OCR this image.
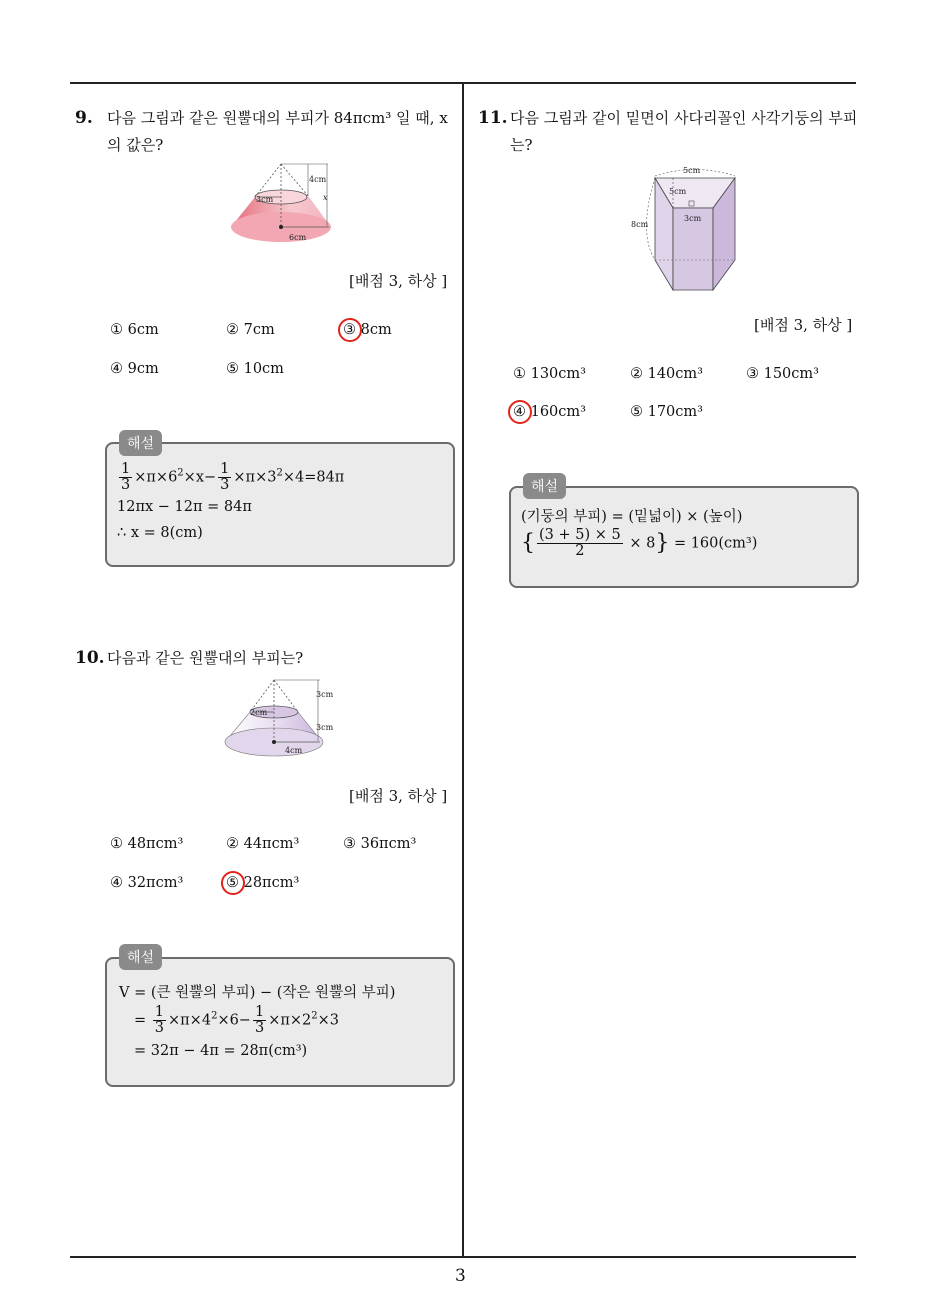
3
9. 다음 그림과 같은 원뿔대의 부피가 84πcm³ 일 때, x
의 값은?
4cm
x
3cm
6cm
[배점 3, 하상 ]
① 6cm	② 7cm	③ 8cm
④ 9cm	⑤ 10cm
해설
$\frac{1}{3} \times\pi\times 6^2\times x- \frac{1}{3} \times\pi\times 3^2\times 4=84\pi$
12πx − 12π = 84π
∴ x = 8(cm)
10. 다음과 같은 원뿔대의 부피는?
3cm
3cm
2cm
4cm
[배점 3, 하상 ]
① 48πcm³	② 44πcm³	③ 36πcm³
④ 32πcm³	⑤ 28πcm³
해설
V = (큰 원뿔의 부피) − (작은 원뿔의 부피)
= $\frac{1}{3} \times\pi\times 4^2\times 6- \frac{1}{3} \times\pi\times 2^2\times 3$
= 32π − 4π = 28π(cm³)
11. 다음 그림과 같이 밑면이 사다리꼴인 사각기둥의 부피
는?
5cm
5cm
3cm
8cm
[배점 3, 하상 ]
① 130cm³	② 140cm³	③ 150cm³
④ 160cm³	⑤ 170cm³
해설
(기둥의 부피) = (밑넓이) × (높이)
{ $\frac{(3 + 5) \times 5}{2} \times 8\} = 160(cm^3)$
